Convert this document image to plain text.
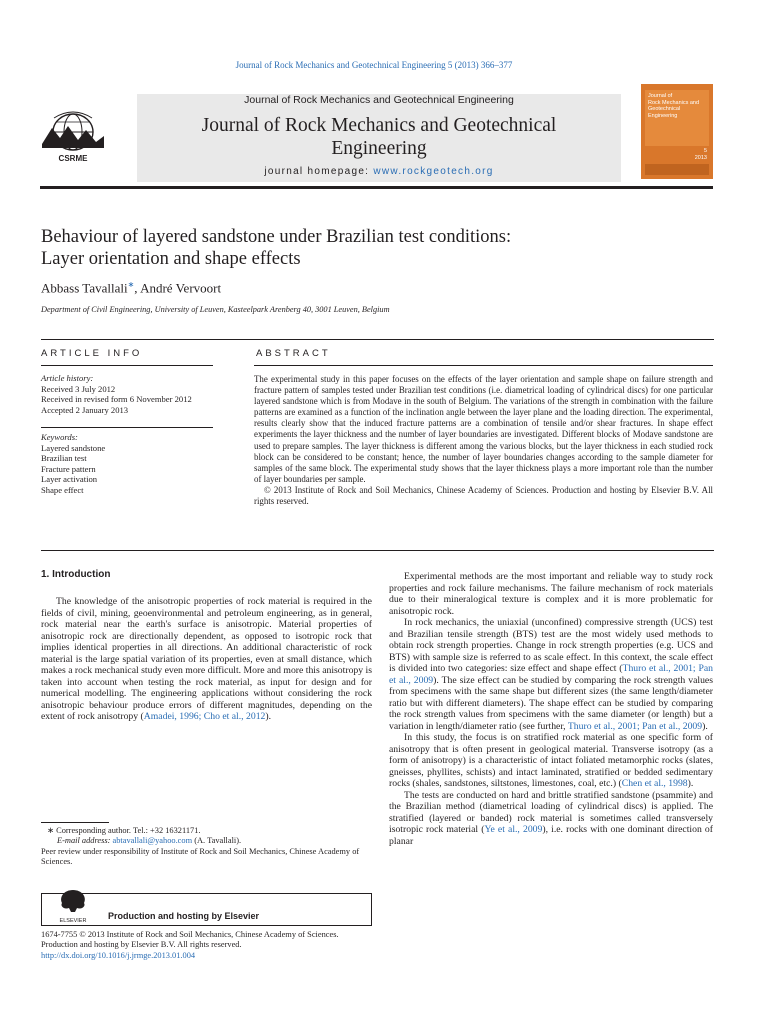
Journal of Rock Mechanics and Geotechnical Engineering 5 (2013) 366–377
Journal of Rock Mechanics and Geotechnical Engineering
Journal of Rock Mechanics and Geotechnical
Engineering
journal homepage: www.rockgeotech.org
CSRME
Journal of
Rock Mechanics and
Geotechnical
Engineering
5
2013
Behaviour of layered sandstone under Brazilian test conditions:
Layer orientation and shape effects
Abbass Tavallali∗, André Vervoort
Department of Civil Engineering, University of Leuven, Kasteelpark Arenberg 40, 3001 Leuven, Belgium
ARTICLE INFO
Article history:
Received 3 July 2012
Received in revised form 6 November 2012
Accepted 2 January 2013
Keywords:
Layered sandstone
Brazilian test
Fracture pattern
Layer activation
Shape effect
ABSTRACT
The experimental study in this paper focuses on the effects of the layer orientation and sample shape on failure strength and fracture pattern of samples tested under Brazilian test conditions (i.e. diametrical loading of cylindrical discs) for one particular layered sandstone which is from Modave in the south of Belgium. The variations of the strength in combination with the failure patterns are examined as a function of the inclination angle between the layer plane and the loading direction. The experimental, results clearly show that the induced fracture patterns are a combination of tensile and/or shear fractures. In shape effect experiments the layer thickness and the number of layer boundaries are investigated. Different blocks of Modave sandstone are used to prepare samples. The layer thickness is different among the various blocks, but the layer thickness in each studied rock block can be considered to be constant; hence, the number of layer boundaries changes according to the sample diameter for samples of the same block. The experimental study shows that the layer thickness plays a more important role than the number of layer boundaries per sample.
© 2013 Institute of Rock and Soil Mechanics, Chinese Academy of Sciences. Production and hosting by Elsevier B.V. All rights reserved.
1. Introduction

The knowledge of the anisotropic properties of rock material is required in the fields of civil, mining, geoenvironmental and petroleum engineering, as in general, rock material near the earth's surface is anisotropic. Material properties of anisotropic rock are directionally dependent, as opposed to isotropic rock that implies identical properties in all directions. An additional characteristic of rock material is the large spatial variation of its properties, even at small distance, which makes a rock mechanical study even more difficult. More and more this anisotropy is taken into account when testing the rock material, as input for design and for numerical modelling. The engineering applications without considering the rock anisotropic behaviour produce errors of different magnitudes, depending on the extent of rock anisotropy (Amadei, 1996; Cho et al., 2012).

∗ Corresponding author. Tel.: +32 16321171.
E-mail address: abtavallali@yahoo.com (A. Tavallali).
Peer review under responsibility of Institute of Rock and Soil Mechanics, Chinese Academy of Sciences.
ELSEVIER	Production and hosting by Elsevier
1674-7755 © 2013 Institute of Rock and Soil Mechanics, Chinese Academy of Sciences. Production and hosting by Elsevier B.V. All rights reserved.
http://dx.doi.org/10.1016/j.jrmge.2013.01.004

Experimental methods are the most important and reliable way to study rock properties and rock failure mechanisms. The failure mechanism of rock materials due to their mineralogical texture is complex and it is more problematic for anisotropic rock.

In rock mechanics, the uniaxial (unconfined) compressive strength (UCS) test and Brazilian tensile strength (BTS) test are the most widely used methods to obtain rock strength properties. Change in rock strength properties (e.g. UCS and BTS) with sample size is referred to as scale effect. In this context, the scale effect is divided into two categories: size effect and shape effect (Thuro et al., 2001; Pan et al., 2009). The size effect can be studied by comparing the rock strength values from specimens with the same shape but different sizes (the same length/diameter ratio but with different diameters). The shape effect can be studied by comparing the rock strength values from specimens with the same diameter (or length) but a variation in length/diameter ratio (see further, Thuro et al., 2001; Pan et al., 2009).

In this study, the focus is on stratified rock material as one specific form of anisotropy that is often present in geological material. Transverse isotropy (as a form of anisotropy) is a characteristic of intact foliated metamorphic rocks (slates, gneisses, phyllites, schists) and intact laminated, stratified or bedded sedimentary rocks (shales, sandstones, siltstones, limestones, coal, etc.) (Chen et al., 1998).

The tests are conducted on hard and brittle stratified sandstone (psammite) and the Brazilian method (diametrical loading of cylindrical discs) is applied. The stratified (layered or banded) rock material is sometimes called transversely isotropic rock material (Ye et al., 2009), i.e. rocks with one dominant direction of planar
